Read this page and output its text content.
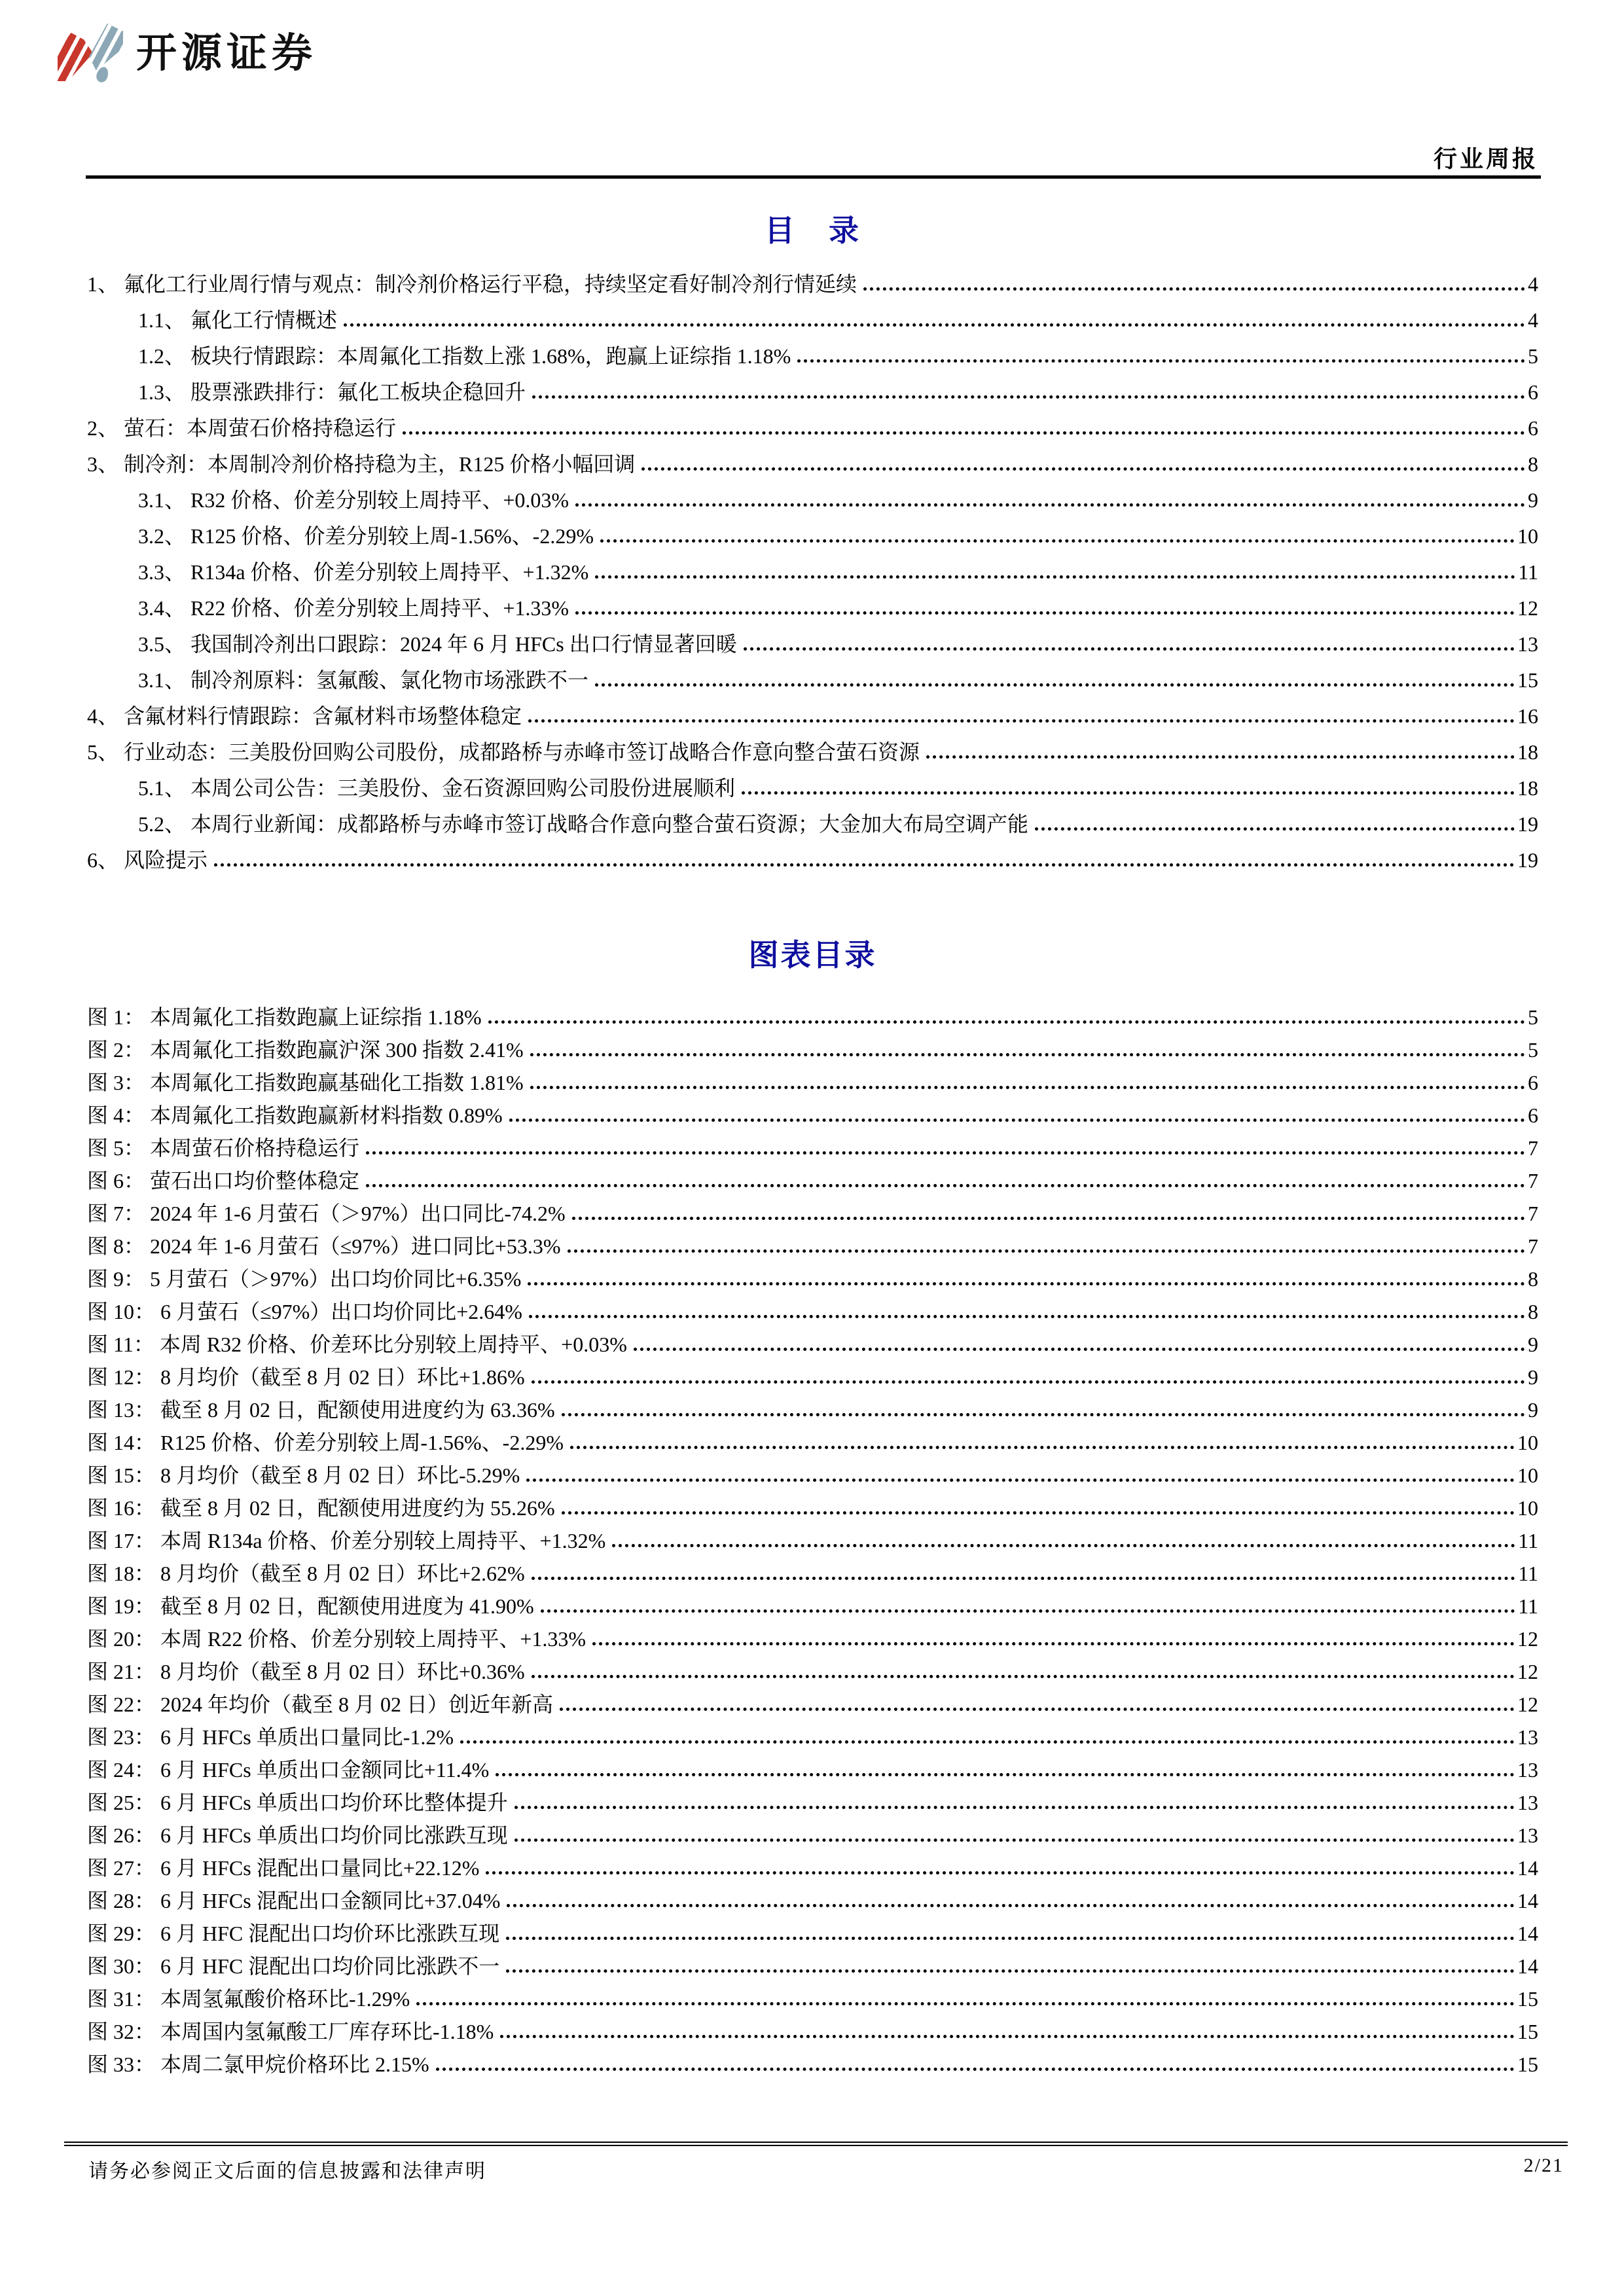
开源证券
行业周报
目　录
1、 氟化工行业周行情与观点：制冷剂价格运行平稳，持续坚定看好制冷剂行情延续	4
1.1、 氟化工行情概述	4
1.2、 板块行情跟踪：本周氟化工指数上涨 1.68%，跑赢上证综指 1.18%	5
1.3、 股票涨跌排行：氟化工板块企稳回升	6
2、 萤石：本周萤石价格持稳运行	6
3、 制冷剂：本周制冷剂价格持稳为主，R125 价格小幅回调	8
3.1、 R32 价格、价差分别较上周持平、+0.03%	9
3.2、 R125 价格、价差分别较上周-1.56%、-2.29%	10
3.3、 R134a 价格、价差分别较上周持平、+1.32%	11
3.4、 R22 价格、价差分别较上周持平、+1.33%	12
3.5、 我国制冷剂出口跟踪：2024 年 6 月 HFCs 出口行情显著回暖	13
3.1、 制冷剂原料：氢氟酸、氯化物市场涨跌不一	15
4、 含氟材料行情跟踪：含氟材料市场整体稳定	16
5、 行业动态：三美股份回购公司股份，成都路桥与赤峰市签订战略合作意向整合萤石资源	18
5.1、 本周公司公告：三美股份、金石资源回购公司股份进展顺利	18
5.2、 本周行业新闻：成都路桥与赤峰市签订战略合作意向整合萤石资源；大金加大布局空调产能	19
6、 风险提示	19
图表目录
图 1： 本周氟化工指数跑赢上证综指 1.18%	5
图 2： 本周氟化工指数跑赢沪深 300 指数 2.41%	5
图 3： 本周氟化工指数跑赢基础化工指数 1.81%	6
图 4： 本周氟化工指数跑赢新材料指数 0.89%	6
图 5： 本周萤石价格持稳运行	7
图 6： 萤石出口均价整体稳定	7
图 7： 2024 年 1-6 月萤石（＞97%）出口同比-74.2%	7
图 8： 2024 年 1-6 月萤石（≤97%）进口同比+53.3%	7
图 9： 5 月萤石（＞97%）出口均价同比+6.35%	8
图 10： 6 月萤石（≤97%）出口均价同比+2.64%	8
图 11： 本周 R32 价格、价差环比分别较上周持平、+0.03%	9
图 12： 8 月均价（截至 8 月 02 日）环比+1.86%	9
图 13： 截至 8 月 02 日，配额使用进度约为 63.36%	9
图 14： R125 价格、价差分别较上周-1.56%、-2.29%	10
图 15： 8 月均价（截至 8 月 02 日）环比-5.29%	10
图 16： 截至 8 月 02 日，配额使用进度约为 55.26%	10
图 17： 本周 R134a 价格、价差分别较上周持平、+1.32%	11
图 18： 8 月均价（截至 8 月 02 日）环比+2.62%	11
图 19： 截至 8 月 02 日，配额使用进度为 41.90%	11
图 20： 本周 R22 价格、价差分别较上周持平、+1.33%	12
图 21： 8 月均价（截至 8 月 02 日）环比+0.36%	12
图 22： 2024 年均价（截至 8 月 02 日）创近年新高	12
图 23： 6 月 HFCs 单质出口量同比-1.2%	13
图 24： 6 月 HFCs 单质出口金额同比+11.4%	13
图 25： 6 月 HFCs 单质出口均价环比整体提升	13
图 26： 6 月 HFCs 单质出口均价同比涨跌互现	13
图 27： 6 月 HFCs 混配出口量同比+22.12%	14
图 28： 6 月 HFCs 混配出口金额同比+37.04%	14
图 29： 6 月 HFC 混配出口均价环比涨跌互现	14
图 30： 6 月 HFC 混配出口均价同比涨跌不一	14
图 31： 本周氢氟酸价格环比-1.29%	15
图 32： 本周国内氢氟酸工厂库存环比-1.18%	15
图 33： 本周二氯甲烷价格环比 2.15%	15
请务必参阅正文后面的信息披露和法律声明	2/21
